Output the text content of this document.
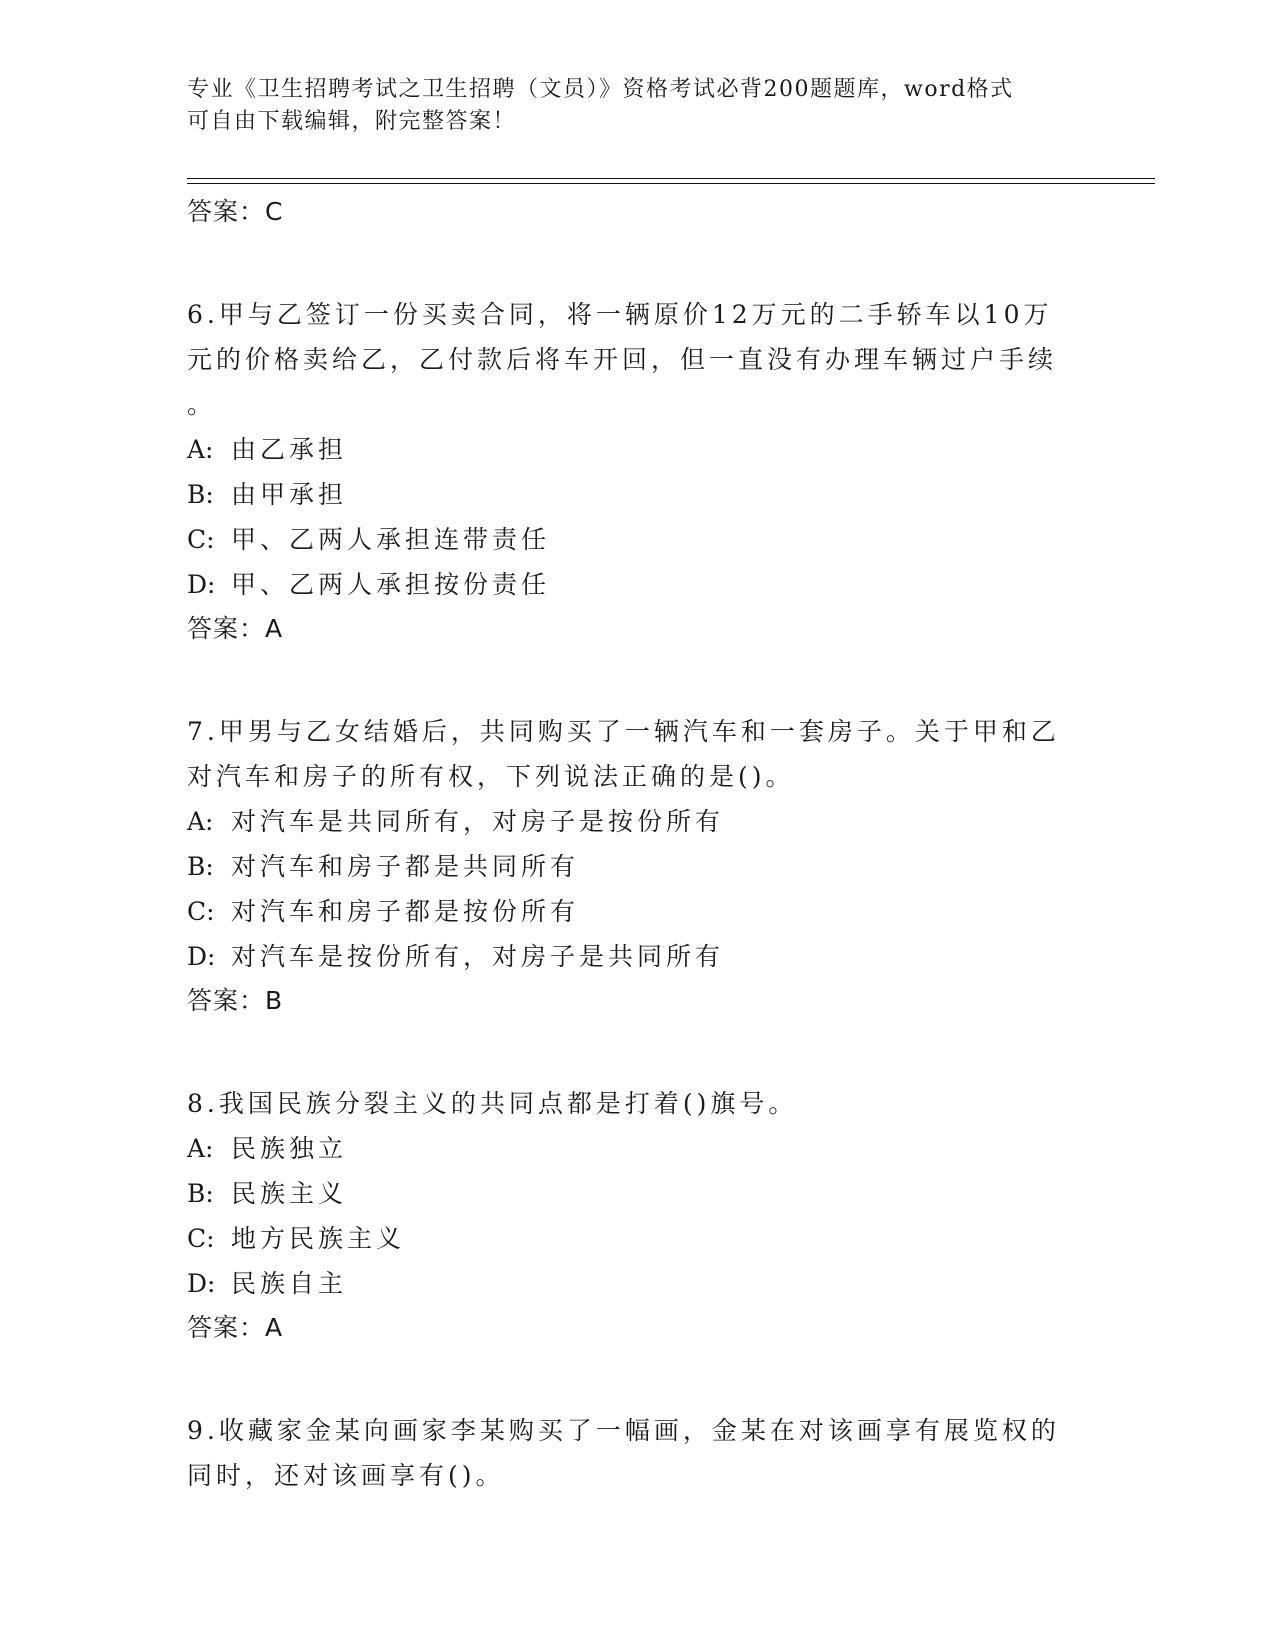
专业《卫生招聘考试之卫生招聘（文员）》资格考试必背200题题库，word格式
可自由下载编辑，附完整答案！
答案：C
6.甲与乙签订一份买卖合同，将一辆原价12万元的二手轿车以10万
元的价格卖给乙，乙付款后将车开回，但一直没有办理车辆过户手续
。
A: 由乙承担
B: 由甲承担
C: 甲、乙两人承担连带责任
D: 甲、乙两人承担按份责任
答案：A
7.甲男与乙女结婚后，共同购买了一辆汽车和一套房子。关于甲和乙
对汽车和房子的所有权，下列说法正确的是()。
A: 对汽车是共同所有，对房子是按份所有
B: 对汽车和房子都是共同所有
C: 对汽车和房子都是按份所有
D: 对汽车是按份所有，对房子是共同所有
答案：B
8.我国民族分裂主义的共同点都是打着()旗号。
A: 民族独立
B: 民族主义
C: 地方民族主义
D: 民族自主
答案：A
9.收藏家金某向画家李某购买了一幅画，金某在对该画享有展览权的
同时，还对该画享有()。
